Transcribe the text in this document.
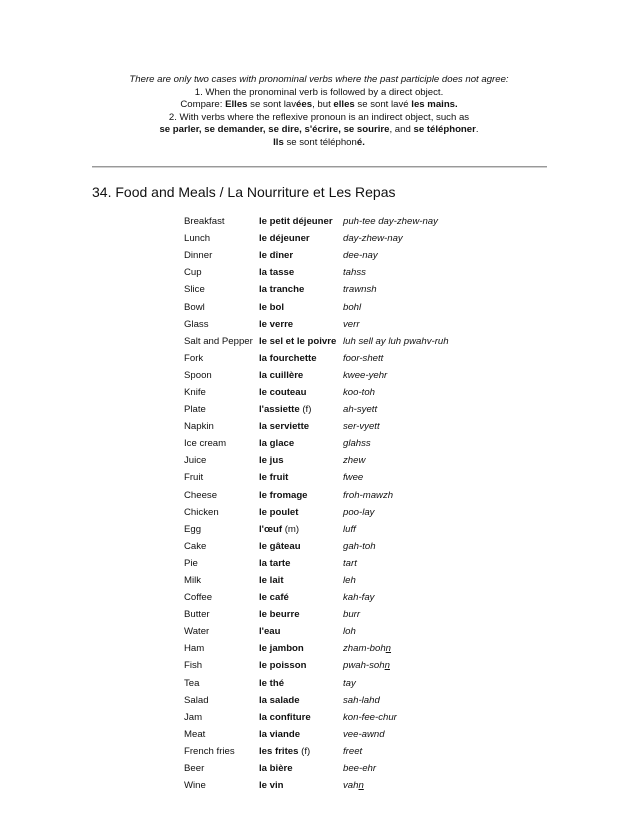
There are only two cases with pronominal verbs where the past participle does not agree:
1. When the pronominal verb is followed by a direct object.
Compare: Elles se sont lavées, but elles se sont lavé les mains.
2. With verbs where the reflexive pronoun is an indirect object, such as
se parler, se demander, se dire, s'écrire, se sourire, and se téléphoner.
Ils se sont téléphoné.
34. Food and Meals / La Nourriture et Les Repas
Breakfast	le petit déjeuner	puh-tee day-zhew-nay
Lunch	le déjeuner	day-zhew-nay
Dinner	le dîner	dee-nay
Cup	la tasse	tahss
Slice	la tranche	trawnsh
Bowl	le bol	bohl
Glass	le verre	verr
Salt and Pepper	le sel et le poivre	luh sell ay luh pwahv-ruh
Fork	la fourchette	foor-shett
Spoon	la cuillère	kwee-yehr
Knife	le couteau	koo-toh
Plate	l'assiette (f)	ah-syett
Napkin	la serviette	ser-vyett
Ice cream	la glace	glahss
Juice	le jus	zhew
Fruit	le fruit	fwee
Cheese	le fromage	froh-mawzh
Chicken	le poulet	poo-lay
Egg	l'œuf (m)	luff
Cake	le gâteau	gah-toh
Pie	la tarte	tart
Milk	le lait	leh
Coffee	le café	kah-fay
Butter	le beurre	burr
Water	l'eau	loh
Ham	le jambon	zham-bohn
Fish	le poisson	pwah-sohn
Tea	le thé	tay
Salad	la salade	sah-lahd
Jam	la confiture	kon-fee-chur
Meat	la viande	vee-awnd
French fries	les frites (f)	freet
Beer	la bière	bee-ehr
Wine	le vin	vahn
